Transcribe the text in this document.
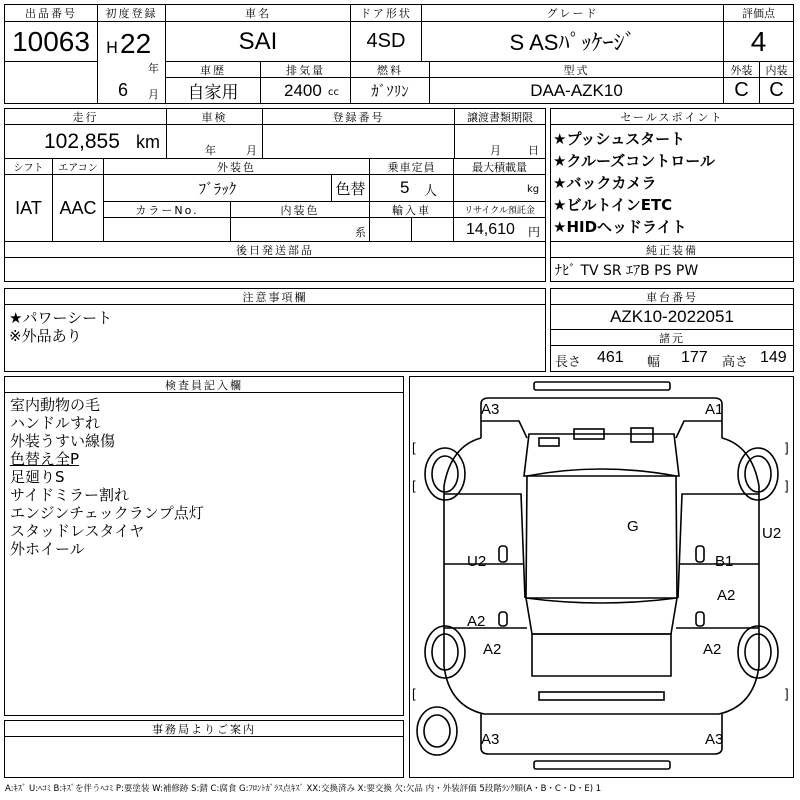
出品番号
10063
初度登録
H 22
年
6 月
車名
SAI
ドア形状
4SD
グレード
S ASﾊﾟｯｹｰｼﾞ
評価点
4
車歴
自家用
排気量
2400 cc
燃料
ｶﾞｿﾘﾝ
型式
DAA-AZK10
外装	内装
C	C
走行
102,855 km
車検
年	月
登録番号	譲渡書類期限
月 日
シフト
IAT
エアコン
AAC
外装色
ﾌﾞﾗｯｸ	色替
乗車定員
5 人
最大積載量
kg
カラーNo.	内装色
系
輸入車	リサイクル預託金
14,610 円
後日発送部品
セールスポイント
★プッシュスタート
★クルーズコントロール
★バックカメラ
★ビルトインETC
★HIDヘッドライト
純正装備
ﾅﾋﾞ TV SR ｴｱB PS PW
注意事項欄
★パワーシート
※外品あり
車台番号
AZK10-2022051
諸元
長さ 461 幅 177 高さ 149
検査員記入欄
室内動物の毛
ハンドルすれ
外装うすい線傷
色替え全P
足廻りS
サイドミラー割れ
エンジンチェックランプ点灯
スタッドレスタイヤ
外ホイール
事務局よりご案内
A3	A1
U2
G
U2	B1
A2
A2
A2	A2
A3	A3
[	]
[	]
[	]
A:ｷｽﾞ U:ﾍｺﾐ B:ｷｽﾞを伴うﾍｺﾐ P:要塗装 W:補修跡 S:錆 C:腐食 G:ﾌﾛﾝﾄｶﾞﾗｽ点ｷｽﾞ XX:交換済み X:要交換 欠:欠品 内・外装評価 5段階ﾗﾝｸ順(A・B・C・D・E) 1
